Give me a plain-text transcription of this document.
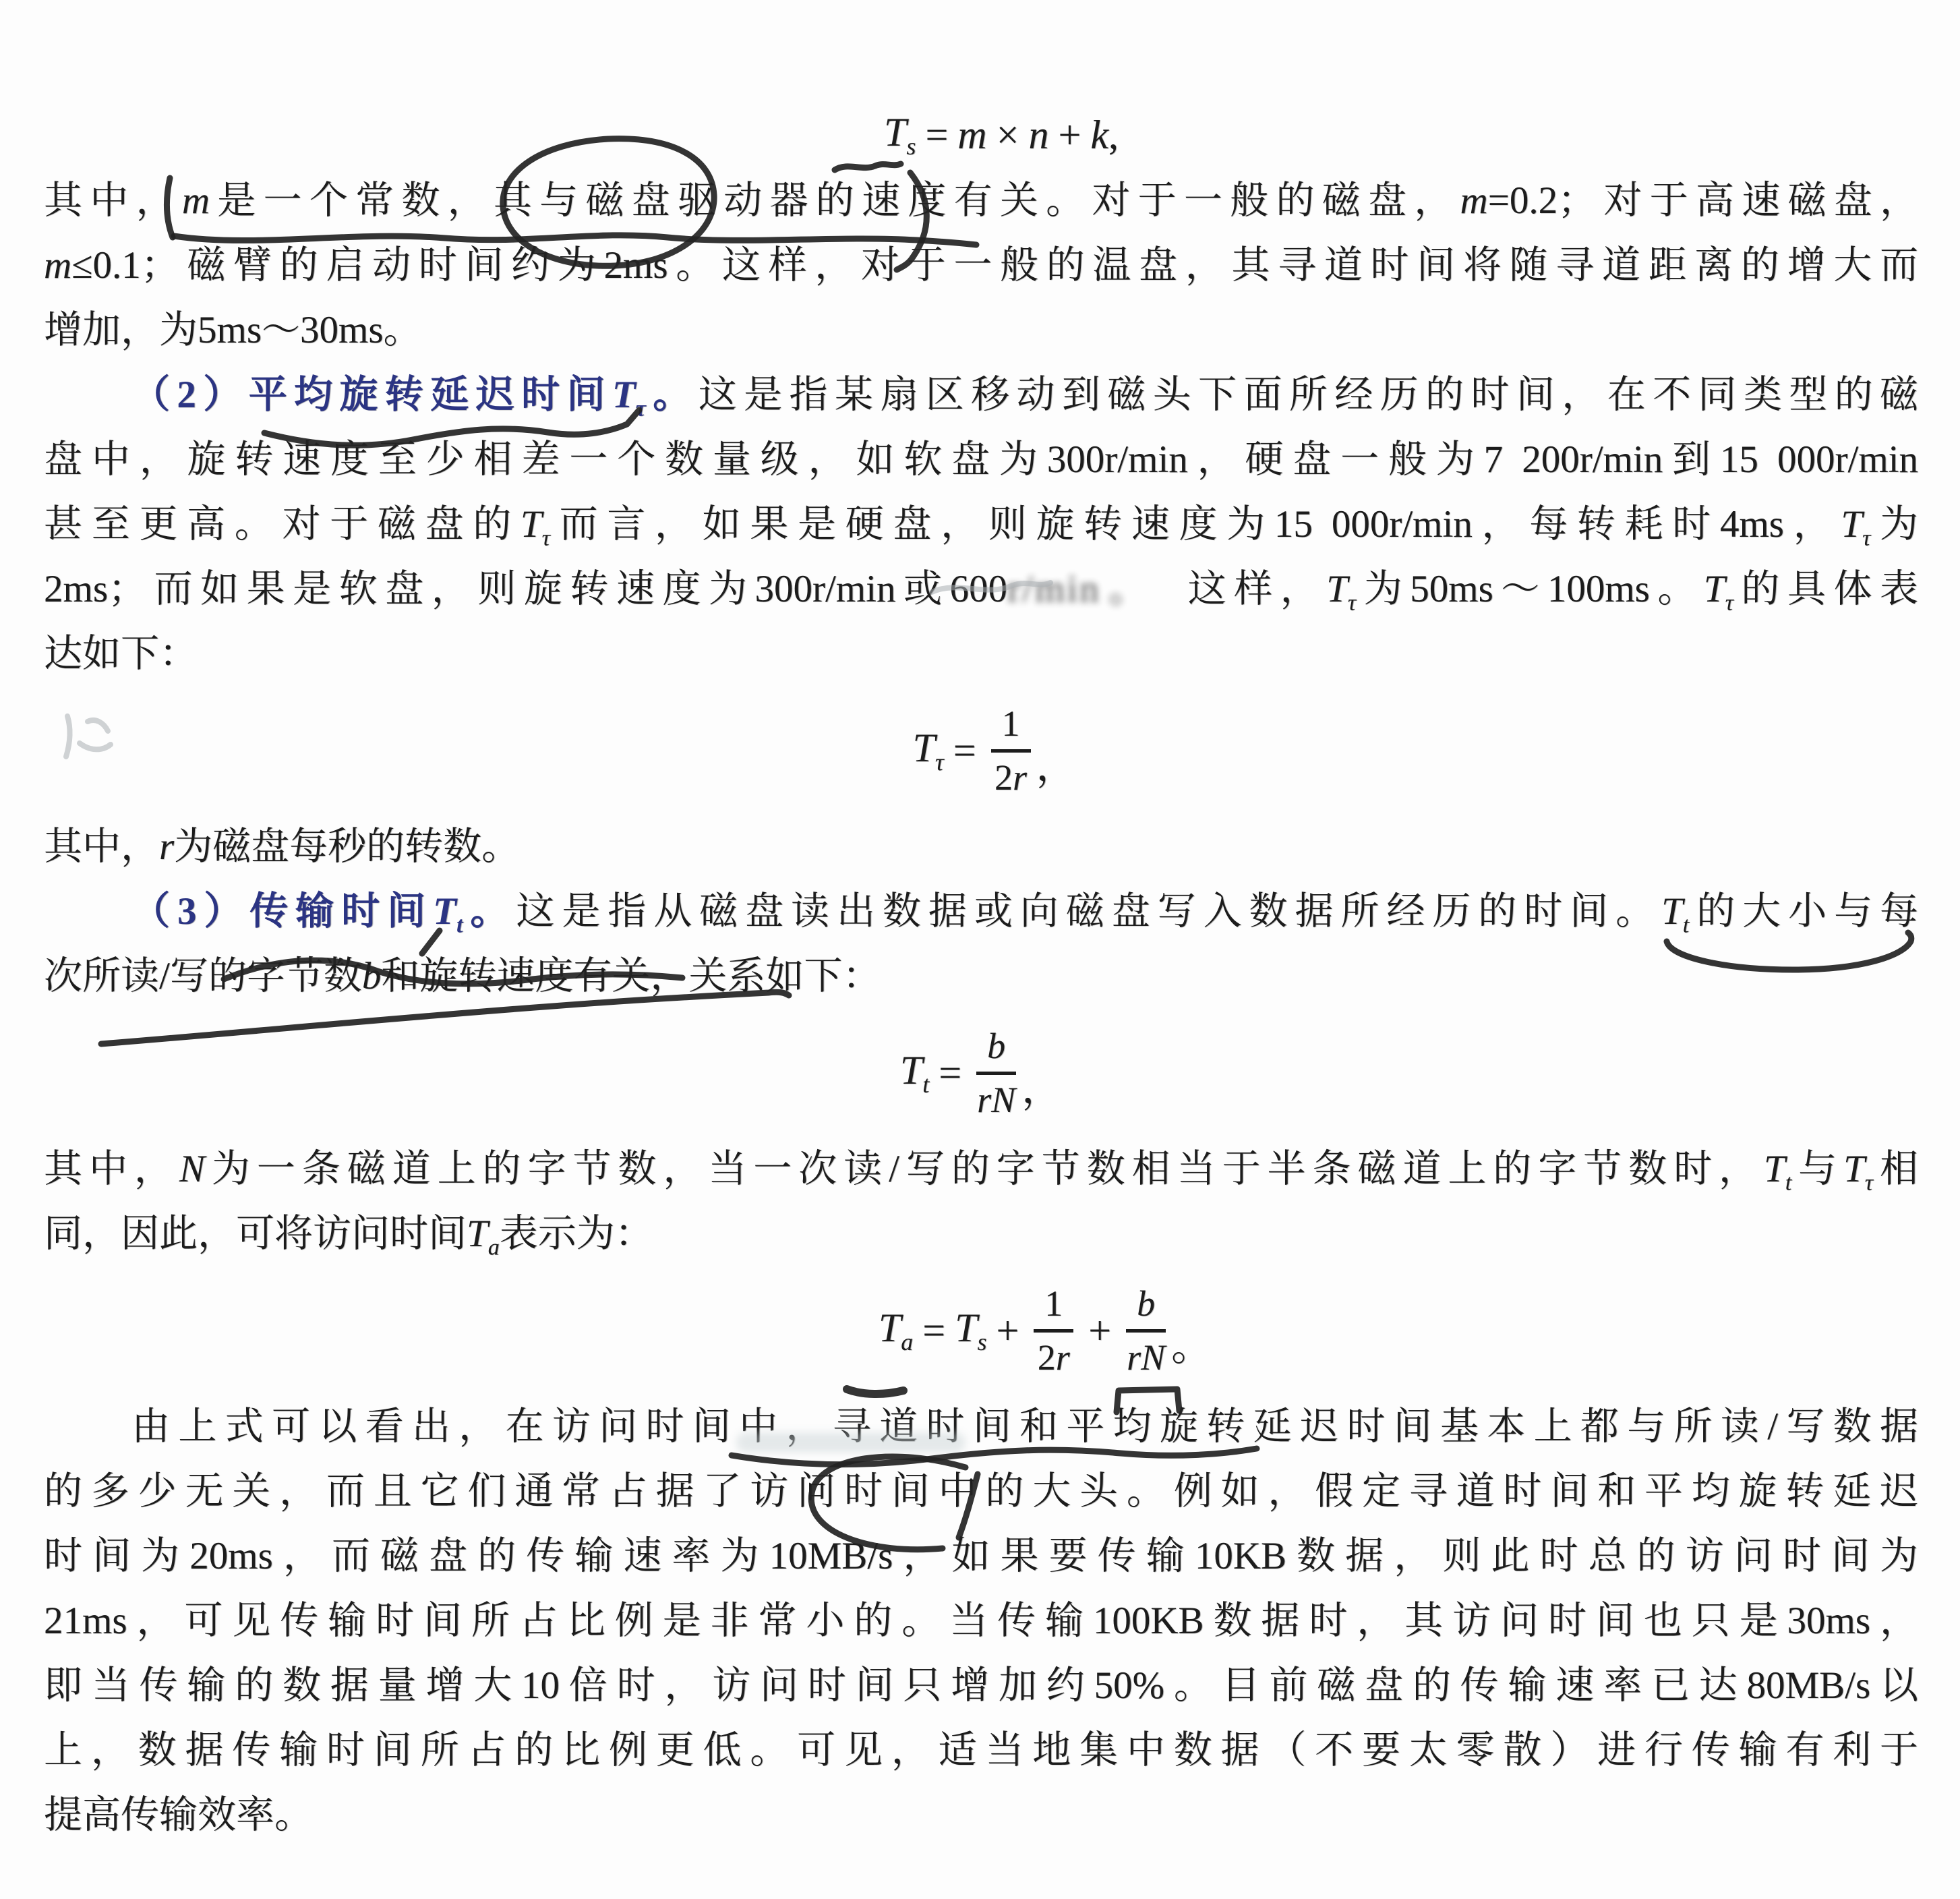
$T_s = m \times n + k$ ,
其中，m是一个常数，其与磁盘驱动器的速度有关。对于一般的磁盘，m=0.2；对于高速磁盘，
m≤0.1；磁臂的启动时间约为2ms。这样，对于一般的温盘，其寻道时间将随寻道距离的增大而
增加，为5ms～30ms。
（2）平均旋转延迟时间$T_\tau$。这是指某扇区移动到磁头下面所经历的时间，在不同类型的磁
盘中，旋转速度至少相差一个数量级，如软盘为300r/min，硬盘一般为7 200r/min到15 000r/min
甚至更高。对于磁盘的$T_\tau$而言，如果是硬盘，则旋转速度为15 000r/min，每转耗时4ms，$T_\tau$为
2ms；而如果是软盘，则旋转速度为300r/min或600r/min。 这样，$T_\tau$为50ms～100ms。$T_\tau$的具体表
达如下：
$T_\tau = \frac{1}{2r}$ ，
其中，r为磁盘每秒的转数。
（3）传输时间$T_t$。这是指从磁盘读出数据或向磁盘写入数据所经历的时间。$T_t$的大小与每
次所读/写的字节数b和旋转速度有关，关系如下：
$T_t = \frac{b}{rN}$ ，
其中，N为一条磁道上的字节数，当一次读/写的字节数相当于半条磁道上的字节数时，$T_t$与$T_\tau$相
同，因此，可将访问时间$T_a$表示为：
$T_a = T_s + \frac{1}{2r} + \frac{b}{rN}$ 。
由上式可以看出，在访问时间中，寻道时间和平均旋转延迟时间基本上都与所读/写数据
的多少无关，而且它们通常占据了访问时间中的大头。例如，假定寻道时间和平均旋转延迟
时间为20ms，而磁盘的传输速率为10MB/s，如果要传输10KB数据，则此时总的访问时间为
21ms，可见传输时间所占比例是非常小的。当传输100KB数据时，其访问时间也只是30ms，
即当传输的数据量增大10倍时，访问时间只增加约50%。目前磁盘的传输速率已达80MB/s以
上，数据传输时间所占的比例更低。可见，适当地集中数据（不要太零散）进行传输有利于
提高传输效率。
